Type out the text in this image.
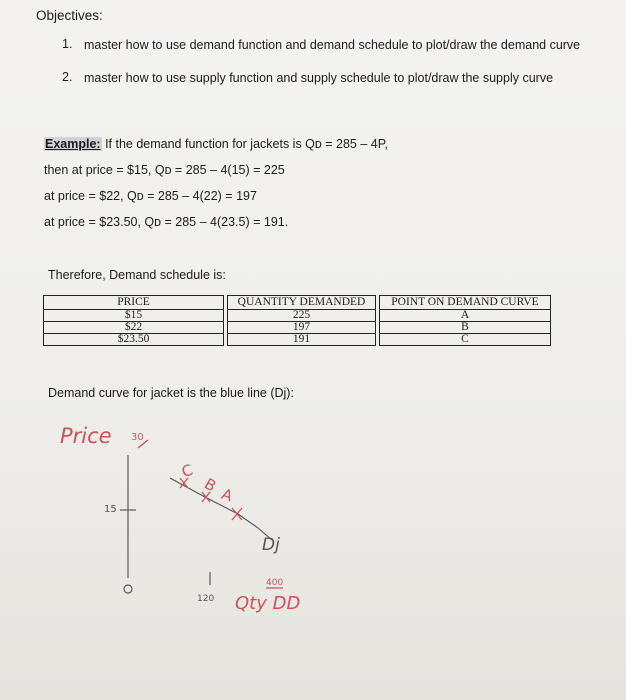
Objectives:
1. master how to use demand function and demand schedule to plot/draw the demand curve
2. master how to use supply function and supply schedule to plot/draw the supply curve
Example: If the demand function for jackets is Qᴅ = 285 – 4P,
then at price = $15, Qᴅ = 285 – 4(15) = 225
at price = $22, Qᴅ = 285 – 4(22) = 197
at price = $23.50, Qᴅ = 285 – 4(23.5) = 191.
Therefore, Demand schedule is:
PRICE		QUANTITY DEMANDED		POINT ON DEMAND CURVE
$15		225		A
$22		197		B
$23.50		191		C
Demand curve for jacket is the blue line (Dj):
Price 30
15
C
B A
Dj
120
400
Qty DD
